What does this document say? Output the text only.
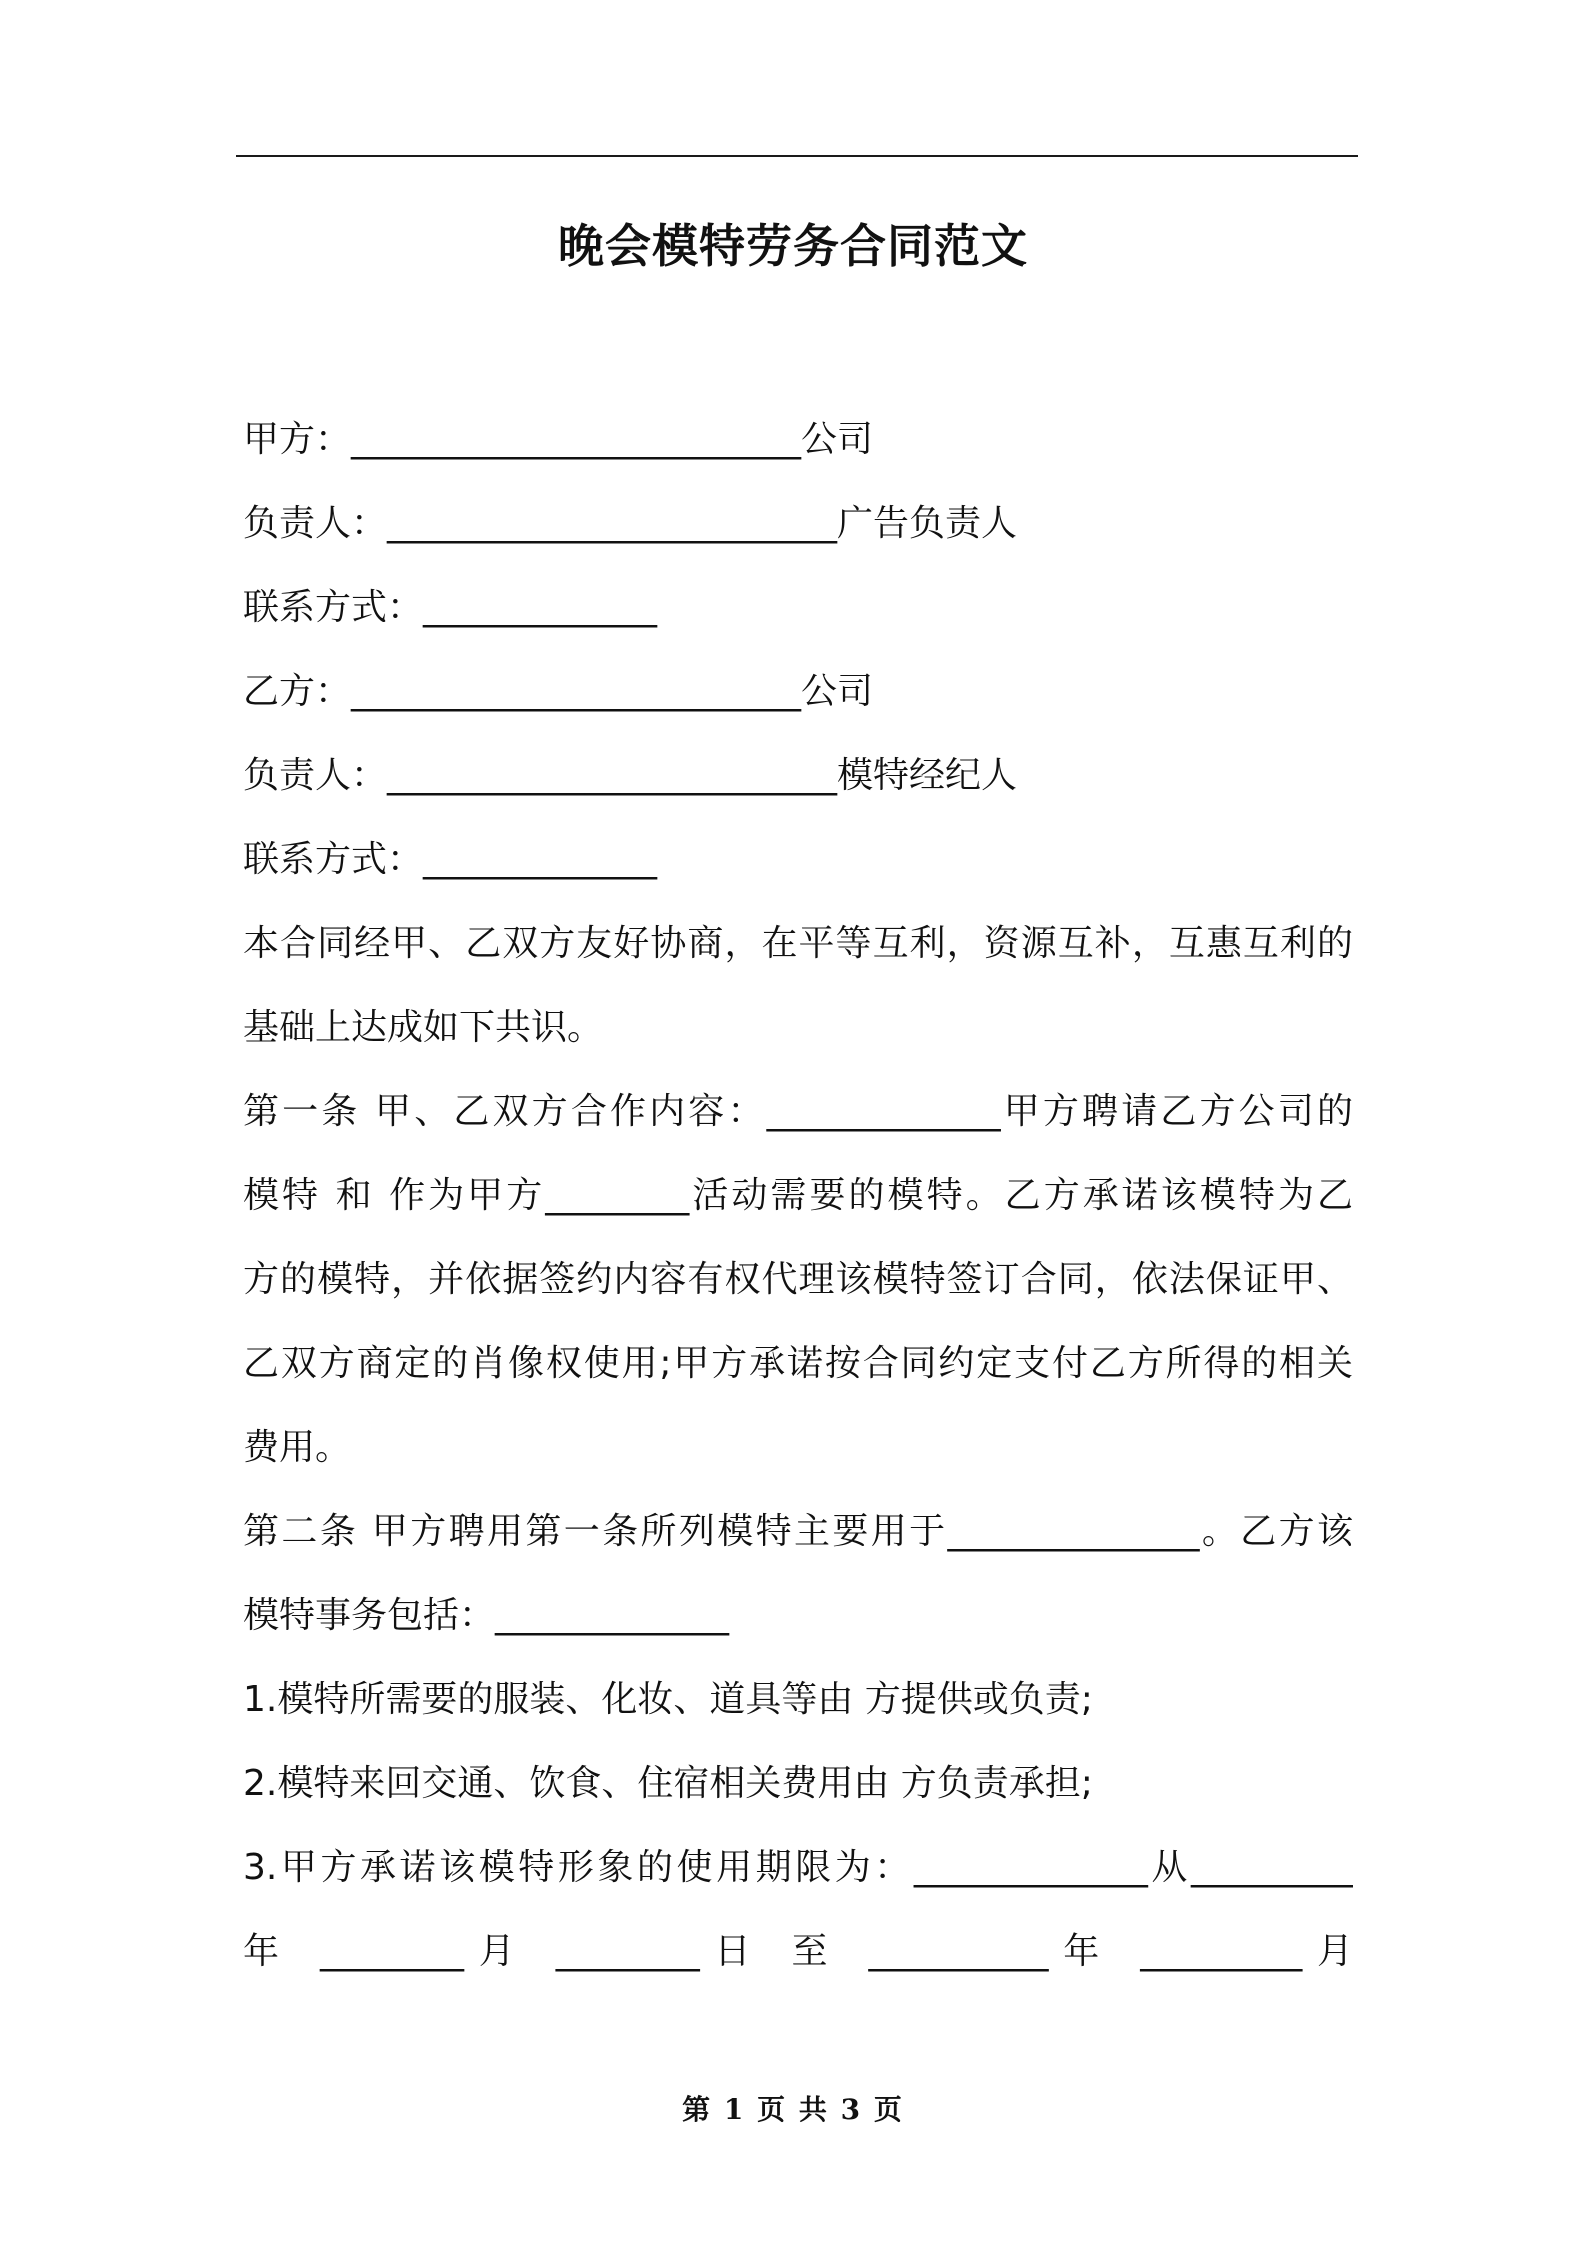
晚会模特劳务合同范文
甲方：_________________________公司
负责人：_________________________广告负责人
联系方式：_____________
乙方：_________________________公司
负责人：_________________________模特经纪人
联系方式：_____________
本合同经甲、乙双方友好协商，在平等互利，资源互补，互惠互利的
基础上达成如下共识。
第一条 甲、乙双方合作内容：_____________甲方聘请乙方公司的
模特 和 作为甲方________活动需要的模特。乙方承诺该模特为乙
方的模特，并依据签约内容有权代理该模特签订合同，依法保证甲、
乙双方商定的肖像权使用;甲方承诺按合同约定支付乙方所得的相关
费用。
第二条 甲方聘用第一条所列模特主要用于______________。乙方该
模特事务包括：_____________
1.模特所需要的服装、化妆、道具等由 方提供或负责;
2.模特来回交通、饮食、住宿相关费用由 方负责承担;
3.甲方承诺该模特形象的使用期限为：_____________从_________
年 ________月 ________日 至 __________年 _________月
第 1 页 共 3 页
